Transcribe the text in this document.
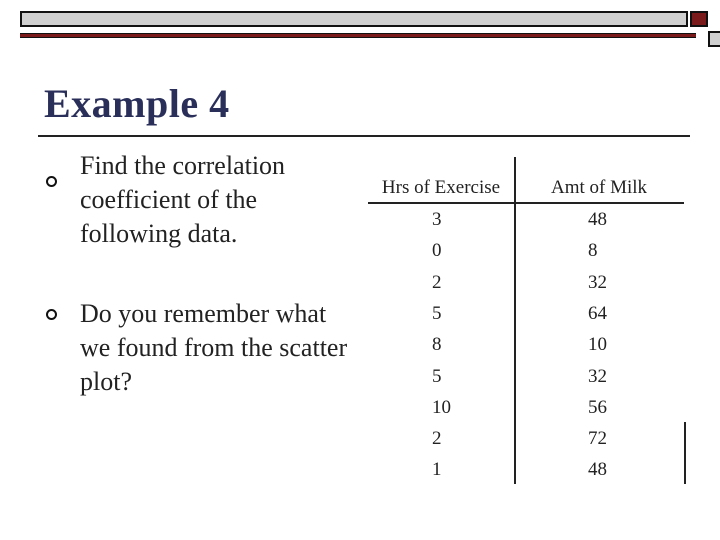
Example 4
Find the correlation coefficient of the following data.
Do you remember what we found from the scatter plot?
Hrs of Exercise	Amt of Milk
3	48
0	8
2	32
5	64
8	10
5	32
10	56
2	72
1	48
